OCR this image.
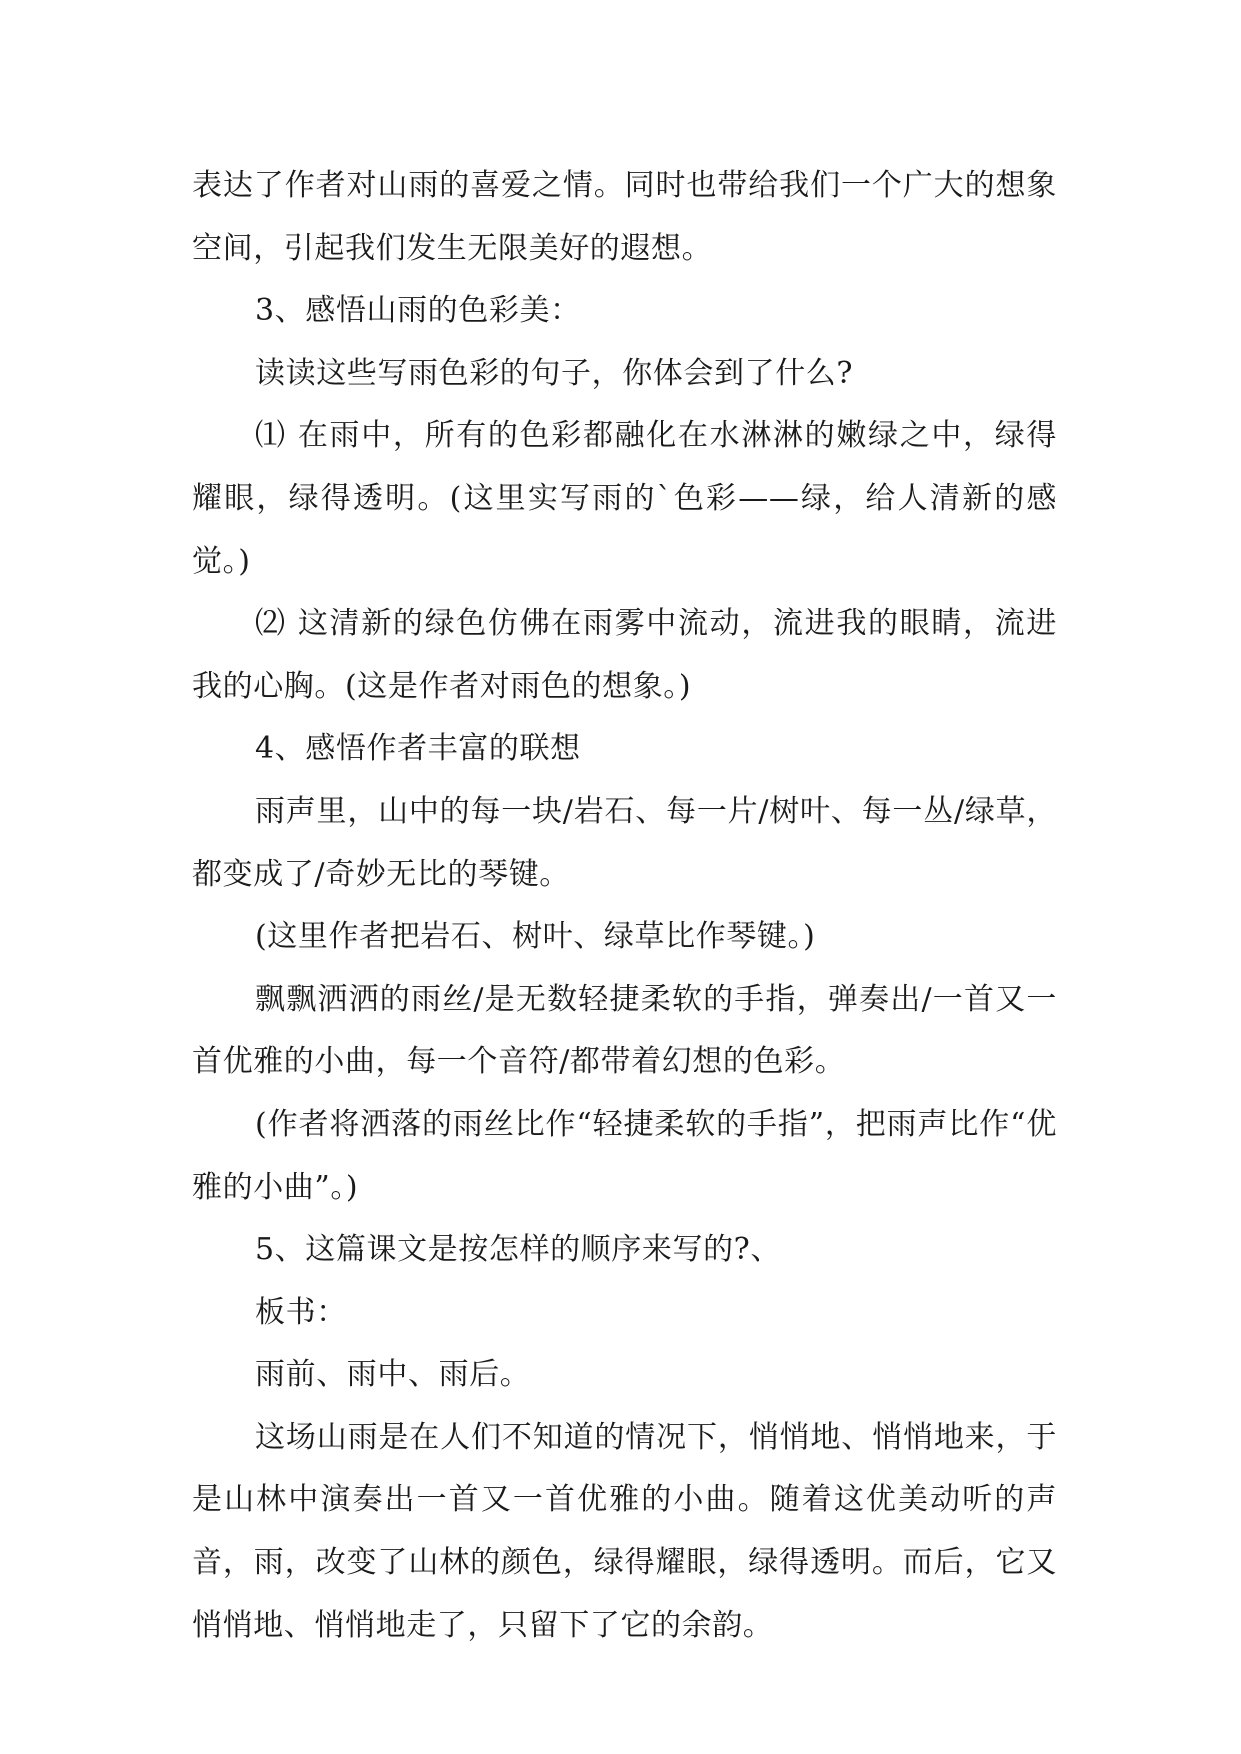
表达了作者对山雨的喜爱之情。同时也带给我们一个广大的想象空间，引起我们发生无限美好的遐想。

3、感悟山雨的色彩美：

读读这些写雨色彩的句子，你体会到了什么?

⑴ 在雨中，所有的色彩都融化在水淋淋的嫩绿之中，绿得耀眼，绿得透明。(这里实写雨的`色彩——绿，给人清新的感觉。)

⑵ 这清新的绿色仿佛在雨雾中流动，流进我的眼睛，流进我的心胸。(这是作者对雨色的想象。)

4、感悟作者丰富的联想

雨声里，山中的每一块/岩石、每一片/树叶、每一丛/绿草，都变成了/奇妙无比的琴键。

(这里作者把岩石、树叶、绿草比作琴键。)

飘飘洒洒的雨丝/是无数轻捷柔软的手指，弹奏出/一首又一首优雅的小曲，每一个音符/都带着幻想的色彩。

(作者将洒落的雨丝比作“轻捷柔软的手指”，把雨声比作“优雅的小曲”。)

5、这篇课文是按怎样的顺序来写的?、

板书：

雨前、雨中、雨后。

这场山雨是在人们不知道的情况下，悄悄地、悄悄地来，于是山林中演奏出一首又一首优雅的小曲。随着这优美动听的声音，雨，改变了山林的颜色，绿得耀眼，绿得透明。而后，它又悄悄地、悄悄地走了，只留下了它的余韵。
